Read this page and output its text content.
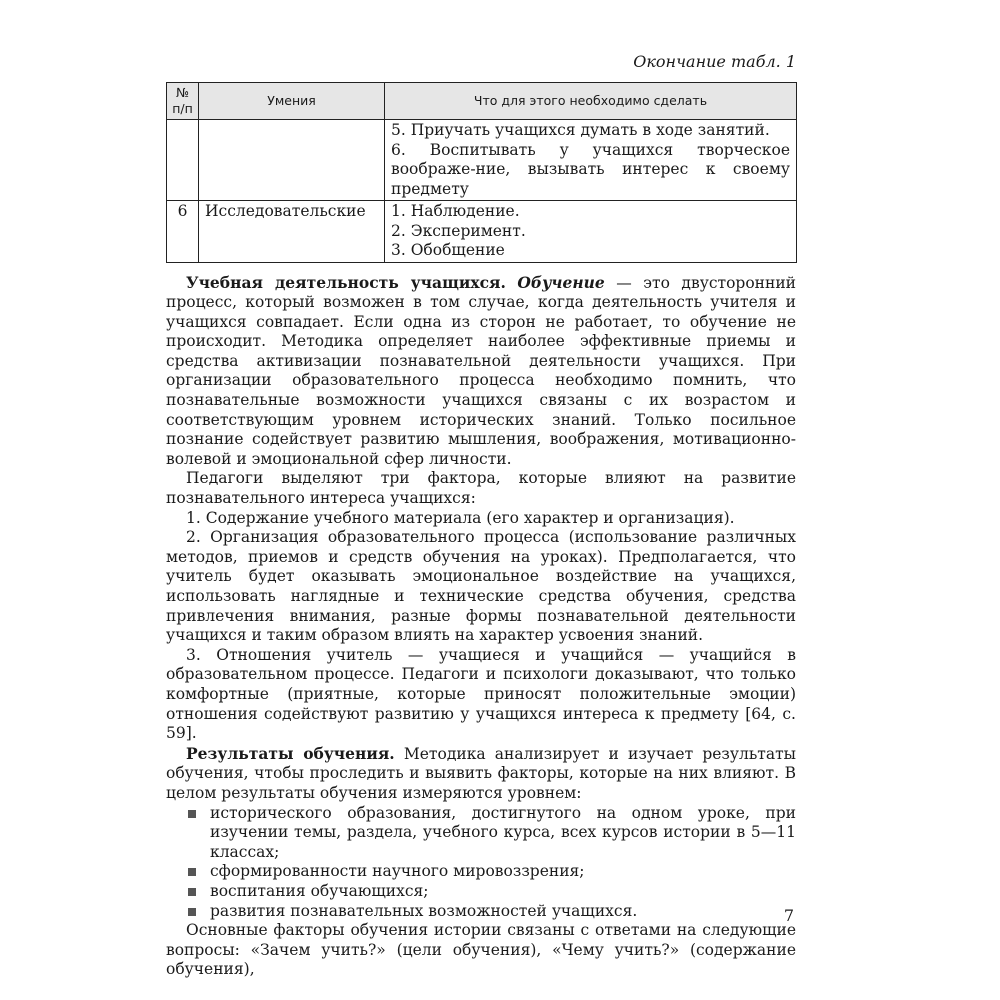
Окончание табл. 1
№ п/п	Умения	Что для этого необходимо сделать

		5. Приучать учащихся думать в ходе занятий.
6. Воспитывать у учащихся творческое воображе-ние, вызывать интерес к своему предмету

6	Исследовательские	1. Наблюдение.
2. Эксперимент.
3. Обобщение

Учебная деятельность учащихся. Обучение — это двусторонний процесс, который возможен в том случае, когда деятельность учителя и учащихся совпадает. Если одна из сторон не работает, то обучение не происходит. Методика определяет наиболее эффективные приемы и средства активизации познавательной деятельности учащихся. При организации образовательного процесса необходимо помнить, что познавательные возможности учащихся связаны с их возрастом и соответствующим уровнем исторических знаний. Только посильное познание содействует развитию мышления, воображения, мотивационно-волевой и эмоциональной сфер личности.

Педагоги выделяют три фактора, которые влияют на развитие познавательного интереса учащихся:

1. Содержание учебного материала (его характер и организация).

2. Организация образовательного процесса (использование различных методов, приемов и средств обучения на уроках). Предполагается, что учитель будет оказывать эмоциональное воздействие на учащихся, использовать наглядные и технические средства обучения, средства привлечения внимания, разные формы познавательной деятельности учащихся и таким образом влиять на характер усвоения знаний.

3. Отношения учитель — учащиеся и учащийся — учащийся в образовательном процессе. Педагоги и психологи доказывают, что только комфортные (приятные, которые приносят положительные эмоции) отношения содействуют развитию у учащихся интереса к предмету [64, с. 59].

Результаты обучения. Методика анализирует и изучает результаты обучения, чтобы проследить и выявить факторы, которые на них влияют. В целом результаты обучения измеряются уровнем:

исторического образования, достигнутого на одном уроке, при изучении темы, раздела, учебного курса, всех курсов истории в 5—11 классах;
сформированности научного мировоззрения;
воспитания обучающихся;
развития познавательных возможностей учащихся.

Основные факторы обучения истории связаны с ответами на следующие вопросы: «Зачем учить?» (цели обучения), «Чему учить?» (содержание обучения),

7
